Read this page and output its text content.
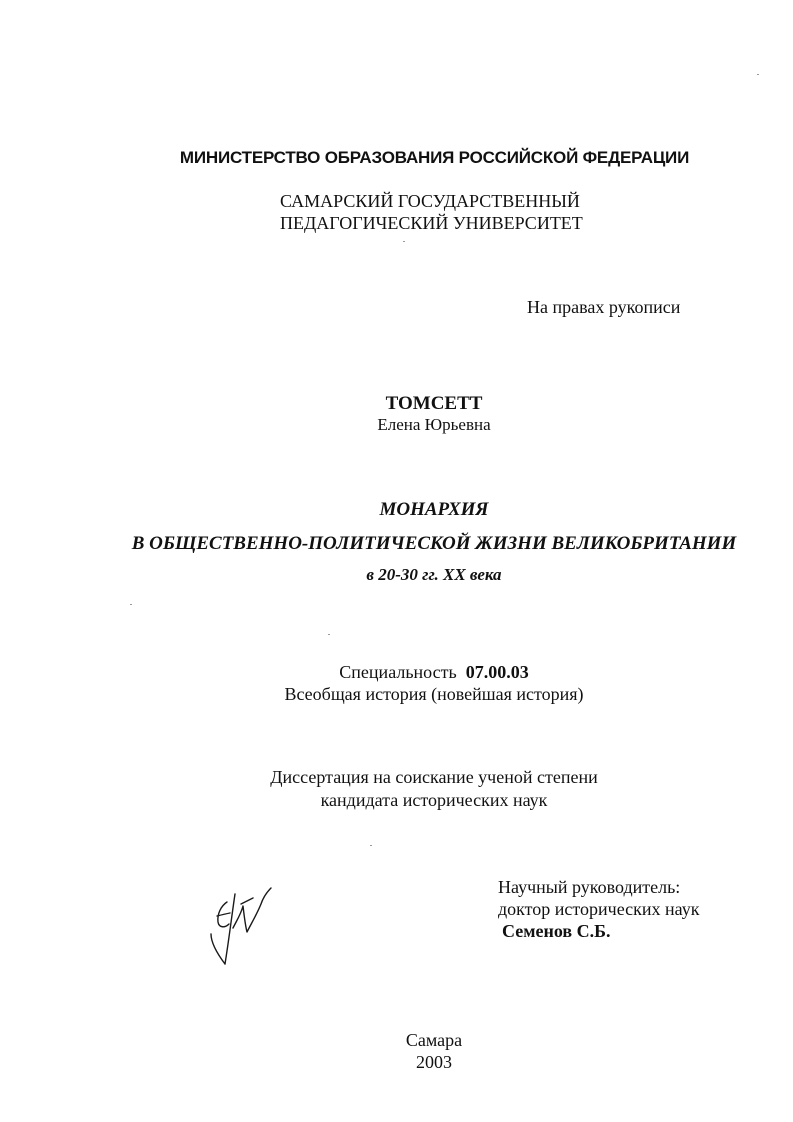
МИНИСТЕРСТВО ОБРАЗОВАНИЯ РОССИЙСКОЙ ФЕДЕРАЦИИ
САМАРСКИЙ ГОСУДАРСТВЕННЫЙ
ПЕДАГОГИЧЕСКИЙ УНИВЕРСИТЕТ
На правах рукописи
ТОМСЕТТ
Елена Юрьевна
МОНАРХИЯ
В ОБЩЕСТВЕННО-ПОЛИТИЧЕСКОЙ ЖИЗНИ ВЕЛИКОБРИТАНИИ
в 20-30 гг. ХХ века
Специальность 07.00.03
Всеобщая история (новейшая история)
Диссертация на соискание ученой степени
кандидата исторических наук
Научный руководитель:
доктор исторических наук
Семенов С.Б.
Самара
2003
